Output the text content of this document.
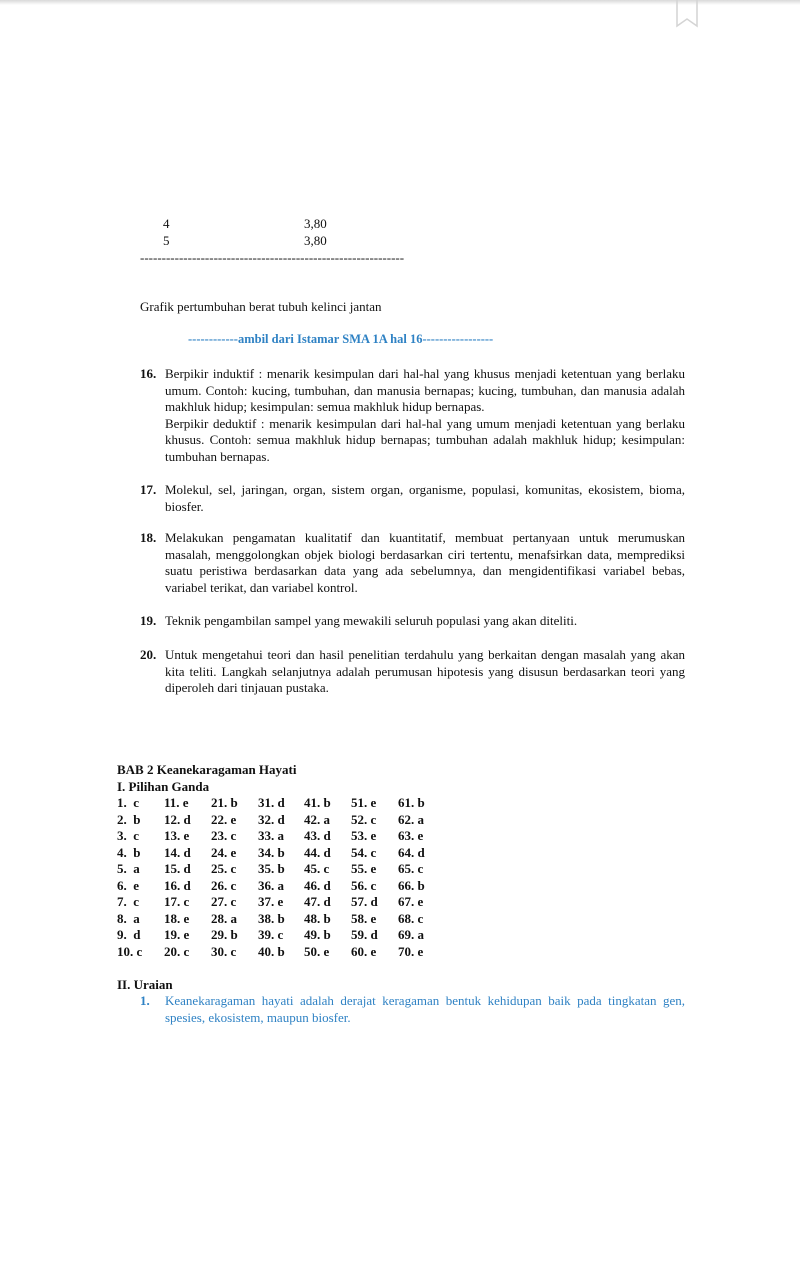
4	3,80
5	3,80
-------------------------------------------------------------
Grafik pertumbuhan berat tubuh kelinci jantan
------------ambil dari Istamar SMA 1A hal 16-----------------
16. Berpikir induktif : menarik kesimpulan dari hal-hal yang khusus menjadi ketentuan yang berlaku umum. Contoh: kucing, tumbuhan, dan manusia bernapas; kucing, tumbuhan, dan manusia adalah makhluk hidup; kesimpulan: semua makhluk hidup bernapas.

Berpikir deduktif : menarik kesimpulan dari hal-hal yang umum menjadi ketentuan yang berlaku khusus. Contoh: semua makhluk hidup bernapas; tumbuhan adalah makhluk hidup; kesimpulan: tumbuhan bernapas.

17. Molekul, sel, jaringan, organ, sistem organ, organisme, populasi, komunitas, ekosistem, bioma, biosfer.

18. Melakukan pengamatan kualitatif dan kuantitatif, membuat pertanyaan untuk merumuskan masalah, menggolongkan objek biologi berdasarkan ciri tertentu, menafsirkan data, memprediksi suatu peristiwa berdasarkan data yang ada sebelumnya, dan mengidentifikasi variabel bebas, variabel terikat, dan variabel kontrol.

19. Teknik pengambilan sampel yang mewakili seluruh populasi yang akan diteliti.

20. Untuk mengetahui teori dan hasil penelitian terdahulu yang berkaitan dengan masalah yang akan kita teliti. Langkah selanjutnya adalah perumusan hipotesis yang disusun berdasarkan teori yang diperoleh dari tinjauan pustaka.

BAB 2 Keanekaragaman Hayati
I. Pilihan Ganda
1.  c	11. e	21. b	31. d	41. b	51. e	61. b
2.  b	12. d	22. e	32. d	42. a	52. c	62. a
3.  c	13. e	23. c	33. a	43. d	53. e	63. e
4.  b	14. d	24. e	34. b	44. d	54. c	64. d
5.  a	15. d	25. c	35. b	45. c	55. e	65. c
6.  e	16. d	26. c	36. a	46. d	56. c	66. b
7.  c	17. c	27. c	37. e	47. d	57. d	67. e
8.  a	18. e	28. a	38. b	48. b	58. e	68. c
9.  d	19. e	29. b	39. c	49. b	59. d	69. a
10. c	20. c	30. c	40. b	50. e	60. e	70. e
II. Uraian
1. Keanekaragaman hayati adalah derajat keragaman bentuk kehidupan baik pada tingkatan gen, spesies, ekosistem, maupun biosfer.
